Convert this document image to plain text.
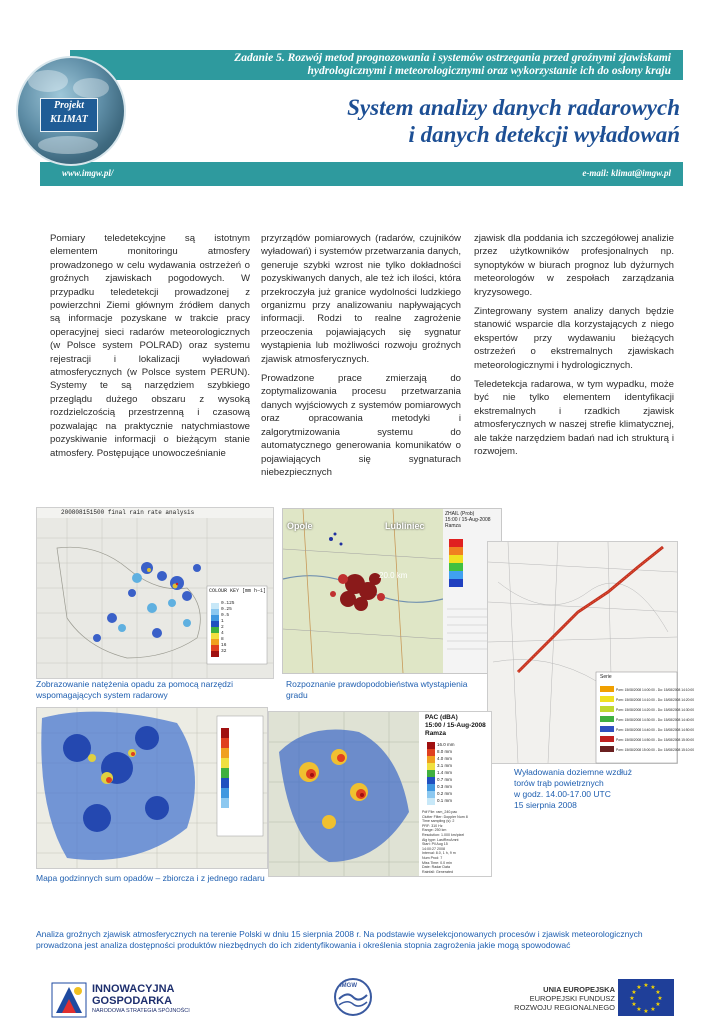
Zadanie 5. Rozwój metod prognozowania i systemów ostrzegania przed groźnymi zjawiskami
hydrologicznymi i meteorologicznymi oraz wykorzystanie ich do osłony kraju
www.imgw.pl/	e-mail: klimat@imgw.pl
System analizy danych radarowych
i danych detekcji wyładowań
Projekt
KLIMAT

Pomiary teledetekcyjne są istotnym elementem monitoringu atmosfery prowadzonego w celu wydawania ostrzeżeń o groźnych zjawiskach pogodowych. W przypadku teledetekcji prowadzonej z powierzchni Ziemi głównym źródłem danych są informacje pozyskane w trakcie pracy operacyjnej sieci radarów meteorologicznych (w Polsce system POLRAD) oraz systemu rejestracji i lokalizacji wyładowań atmosferycznych (w Polsce system PERUN). Systemy te są narzędziem szybkiego przeglądu dużego obszaru z wysoką rozdzielczością przestrzenną i czasową pozwalając na praktycznie natychmiastowe pozyskiwanie informacji o bieżącym stanie atmosfery. Postępujące unowocześnianie

przyrządów pomiarowych (radarów, czujników wyładowań) i systemów przetwarzania danych, generuje szybki wzrost nie tylko dokładności pozyskiwanych danych, ale też ich ilości, która przekroczyła już granice wydolności ludzkiego organizmu przy analizowaniu napływających informacji. Rodzi to realne zagrożenie przeoczenia pojawiających się sygnatur wystąpienia lub możliwości rozwoju groźnych zjawisk atmosferycznych.

Prowadzone prace zmierzają do zoptymalizowania procesu przetwarzania danych wyjściowych z systemów pomiarowych oraz opracowania metodyki i zalgorytmizowania systemu do automatycznego generowania komunikatów o pojawiających się sygnaturach niebezpiecznych

zjawisk dla poddania ich szczegółowej analizie przez użytkowników profesjonalnych np. synoptyków w biurach prognoz lub dyżurnych meteorologów w zespołach zarządzania kryzysowego.

Zintegrowany system analizy danych będzie stanowić wsparcie dla korzystających z niego ekspertów przy wydawaniu bieżących ostrzeżeń o ekstremalnych zjawiskach meteorologicznymi i hydrologicznych.

Teledetekcja radarowa, w tym wypadku, może być nie tylko elementem identyfikacji ekstremalnych i rzadkich zjawisk atmosferycznych w naszej strefie klimatycznej, ale także narzędziem badań nad ich strukturą i rozwojem.

200808151500 final rain rate analysis
COLOUR KEY [mm h−1]
0.125
0.25
0.5
1
2
4
8
16
32
Zobrazowanie natężenia opadu za pomocą narzędzi wspomagających system radarowy
Opole	Lubliniec
20.0 km
ZHAIL (Prob)
15:00 / 15-Aug-2008
Ramza
Rozpoznanie prawdopodobieństwa wtystąpienia gradu
Serie
Pom: 15/08/2008 14:00:00 - Do: 15/08/2008 14:10:00
Pom: 15/08/2008 14:10:00 - Do: 15/08/2008 14:20:00
Pom: 15/08/2008 14:20:00 - Do: 15/08/2008 14:30:00
Pom: 15/08/2008 14:30:00 - Do: 15/08/2008 14:40:00
Pom: 15/08/2008 14:40:00 - Do: 15/08/2008 14:50:00
Pom: 15/08/2008 14:50:00 - Do: 15/08/2008 15:00:00
Pom: 15/08/2008 15:00:00 - Do: 15/08/2008 15:10:00
Wyładowania doziemne wzdłuż
torów trąb powietrznych
w godz. 14.00-17.00 UTC
15 sierpnia 2008
PAC (dBA)
15:00 / 15-Aug-2008
Ramza
16.0 mm
8.0 mm
4.0 mm
3.1 mm
1.4 mm
0.7 mm
0.3 mm
0.2 mm
0.1 mm
Pdf File: ram_240.pac
Clutter Filter: Doppler Num 8
Time sampling (s): 2
PRF: 310 Hz
Range: 250 km
Resolution: 1.000 km/pixel
Alg type: LastRecAmnt
Start: Pil Aug 15
14:00:27 2008
Interval: 8.0, 1 h, 9 m
Num Prod: 7
Miss Time: 0.0 min
Date: Radar Data
Rainfall: Generated
Mapa godzinnych sum opadów – zbiorcza i z jednego radaru
Analiza groźnych zjawisk atmosferycznych na terenie Polski w dniu 15 sierpnia 2008 r. Na podstawie wyselekcjonowanych procesów i zjawisk meteorologicznych prowadzona jest analiza dostępności produktów niezbędnych do ich zidentyfikowania i określenia stopnia zagrożenia jakie mogą spowodować
INNOWACYJNA
GOSPODARKA
NARODOWA STRATEGIA SPÓJNOŚCI
IMGW	UNIA EUROPEJSKA
EUROPEJSKI FUNDUSZ
ROZWOJU REGIONALNEGO
★ ★
★
★
★
★
★
★
★
★
★
★
